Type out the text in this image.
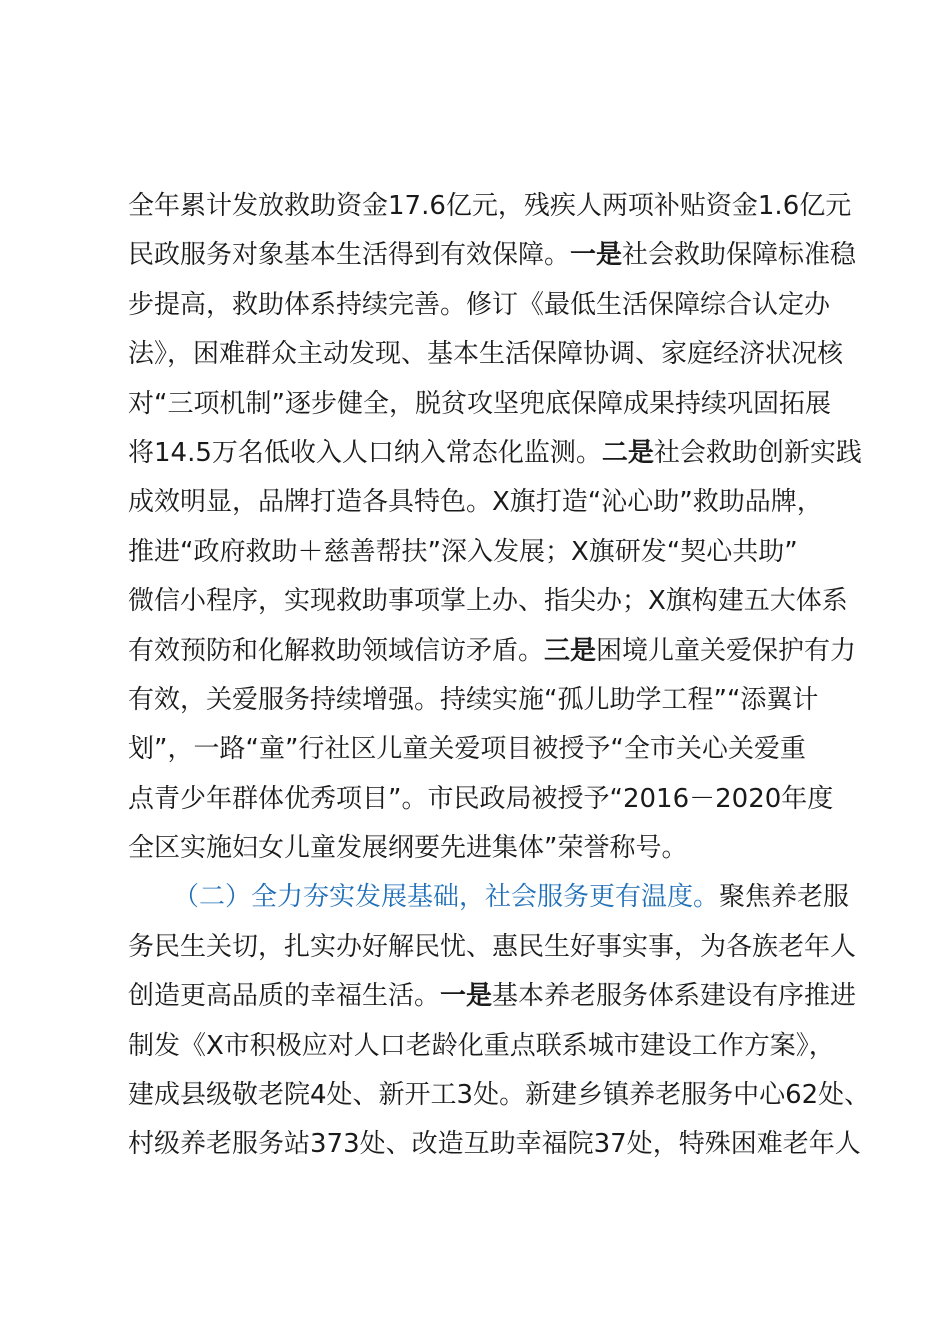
全年累计发放救助资金17.6亿元，残疾人两项补贴资金1.6亿元
民政服务对象基本生活得到有效保障。一是社会救助保障标准稳
步提高，救助体系持续完善。修订《最低生活保障综合认定办
法》，困难群众主动发现、基本生活保障协调、家庭经济状况核
对“三项机制”逐步健全，脱贫攻坚兜底保障成果持续巩固拓展
将14.5万名低收入人口纳入常态化监测。二是社会救助创新实践
成效明显，品牌打造各具特色。X旗打造“沁心助”救助品牌，
推进“政府救助＋慈善帮扶”深入发展；X旗研发“契心共助”
微信小程序，实现救助事项掌上办、指尖办；X旗构建五大体系
有效预防和化解救助领域信访矛盾。三是困境儿童关爱保护有力
有效，关爱服务持续增强。持续实施“孤儿助学工程”“添翼计
划”，一路“童”行社区儿童关爱项目被授予“全市关心关爱重
点青少年群体优秀项目”。市民政局被授予“2016－2020年度
全区实施妇女儿童发展纲要先进集体”荣誉称号。
（二）全力夯实发展基础，社会服务更有温度。聚焦养老服
务民生关切，扎实办好解民忧、惠民生好事实事，为各族老年人
创造更高品质的幸福生活。一是基本养老服务体系建设有序推进
制发《X市积极应对人口老龄化重点联系城市建设工作方案》，
建成县级敬老院4处、新开工3处。新建乡镇养老服务中心62处、
村级养老服务站373处、改造互助幸福院37处，特殊困难老年人
